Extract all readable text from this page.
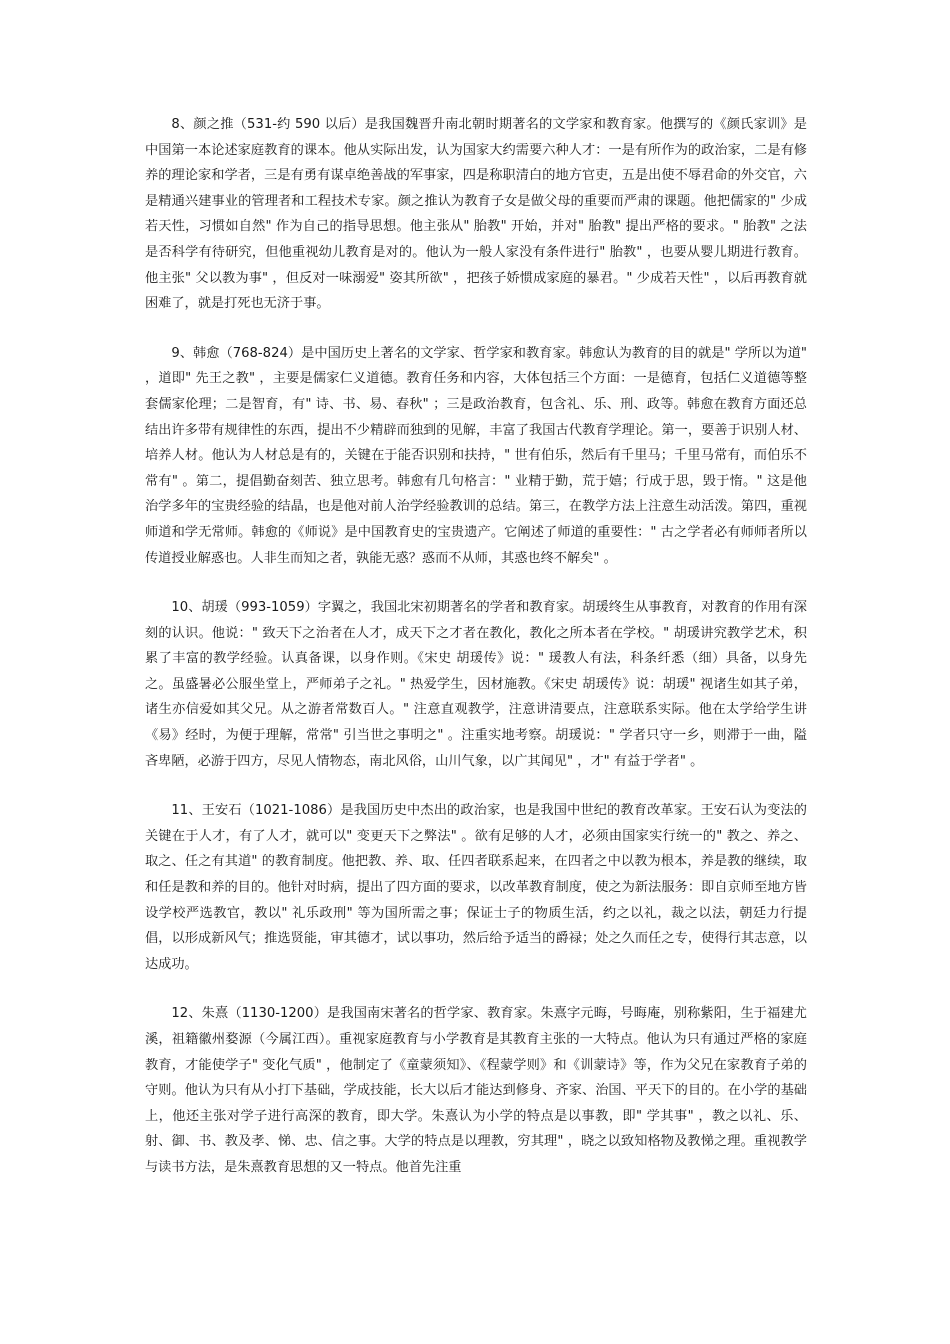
8、颜之推（531-约 590 以后）是我国魏晋升南北朝时期著名的文学家和教育家。他撰写的《颜氏家训》是中国第一本论述家庭教育的课本。他从实际出发，认为国家大约需要六种人才：一是有所作为的政治家，二是有修养的理论家和学者，三是有勇有谋卓绝善战的军事家，四是称职清白的地方官吏，五是出使不辱君命的外交官，六是精通兴建事业的管理者和工程技术专家。颜之推认为教育子女是做父母的重要而严肃的课题。他把儒家的" 少成若天性，习惯如自然" 作为自己的指导思想。他主张从" 胎教" 开始，并对" 胎教" 提出严格的要求。" 胎教" 之法是否科学有待研究，但他重视幼儿教育是对的。他认为一般人家没有条件进行" 胎教" ，也要从婴儿期进行教育。他主张" 父以教为事" ，但反对一味溺爱" 姿其所欲" ，把孩子娇惯成家庭的暴君。" 少成若天性" ，以后再教育就困难了，就是打死也无济于事。

9、韩愈（768-824）是中国历史上著名的文学家、哲学家和教育家。韩愈认为教育的目的就是" 学所以为道" ，道即" 先王之教" ，主要是儒家仁义道德。教育任务和内容，大体包括三个方面：一是德育，包括仁义道德等整套儒家伦理；二是智育，有" 诗、书、易、春秋" ；三是政治教育，包含礼、乐、刑、政等。韩愈在教育方面还总结出许多带有规律性的东西，提出不少精辟而独到的见解，丰富了我国古代教育学理论。第一，要善于识别人材、培养人材。他认为人材总是有的，关键在于能否识别和扶持，" 世有伯乐，然后有千里马；千里马常有，而伯乐不常有" 。第二，提倡勤奋刻苦、独立思考。韩愈有几句格言：" 业精于勤，荒于嬉；行成于思，毁于惰。" 这是他治学多年的宝贵经验的结晶，也是他对前人治学经验教训的总结。第三，在教学方法上注意生动活泼。第四，重视师道和学无常师。韩愈的《师说》是中国教育史的宝贵遗产。它阐述了师道的重要性：" 古之学者必有师师者所以传道授业解惑也。人非生而知之者，孰能无惑？惑而不从师，其惑也终不解矣" 。

10、胡瑗（993-1059）字翼之，我国北宋初期著名的学者和教育家。胡瑗终生从事教育，对教育的作用有深刻的认识。他说：" 致天下之治者在人才，成天下之才者在教化，教化之所本者在学校。" 胡瑗讲究教学艺术，积累了丰富的教学经验。认真备课，以身作则。《宋史 胡瑗传》说：" 瑗教人有法，科条纤悉（细）具备，以身先之。虽盛暑必公服坐堂上，严师弟子之礼。" 热爱学生，因材施教。《宋史 胡瑗传》说：胡瑗" 视诸生如其子弟，诸生亦信爱如其父兄。从之游者常数百人。" 注意直观教学，注意讲清要点，注意联系实际。他在太学给学生讲《易》经时，为便于理解，常常" 引当世之事明之" 。注重实地考察。胡瑗说：" 学者只守一乡，则滞于一曲，隘吝卑陋，必游于四方，尽见人情物态，南北风俗，山川气象，以广其闻见" ，才" 有益于学者" 。

11、王安石（1021-1086）是我国历史中杰出的政治家，也是我国中世纪的教育改革家。王安石认为变法的关键在于人才，有了人才，就可以" 变更天下之弊法" 。欲有足够的人才，必须由国家实行统一的" 教之、养之、取之、任之有其道" 的教育制度。他把教、养、取、任四者联系起来，在四者之中以教为根本，养是教的继续，取和任是教和养的目的。他针对时病，提出了四方面的要求，以改革教育制度，使之为新法服务：即自京师至地方皆设学校严选教官，教以" 礼乐政刑" 等为国所需之事；保证士子的物质生活，约之以礼，裁之以法，朝廷力行提倡，以形成新风气；推选贤能，审其德才，试以事功，然后给予适当的爵禄；处之久而任之专，使得行其志意，以达成功。

12、朱熹（1130-1200）是我国南宋著名的哲学家、教育家。朱熹字元晦，号晦庵，别称紫阳，生于福建尤溪，祖籍徽州婺源（今属江西）。重视家庭教育与小学教育是其教育主张的一大特点。他认为只有通过严格的家庭教育，才能使学子" 变化气质" ，他制定了《童蒙须知》、《程蒙学则》和《训蒙诗》等，作为父兄在家教育子弟的守则。他认为只有从小打下基础，学成技能，长大以后才能达到修身、齐家、治国、平天下的目的。在小学的基础上，他还主张对学子进行高深的教育，即大学。朱熹认为小学的特点是以事教，即" 学其事" ，教之以礼、乐、射、御、书、教及孝、悌、忠、信之事。大学的特点是以理教，穷其理" ，晓之以致知格物及教悌之理。重视教学与读书方法，是朱熹教育思想的又一特点。他首先注重
